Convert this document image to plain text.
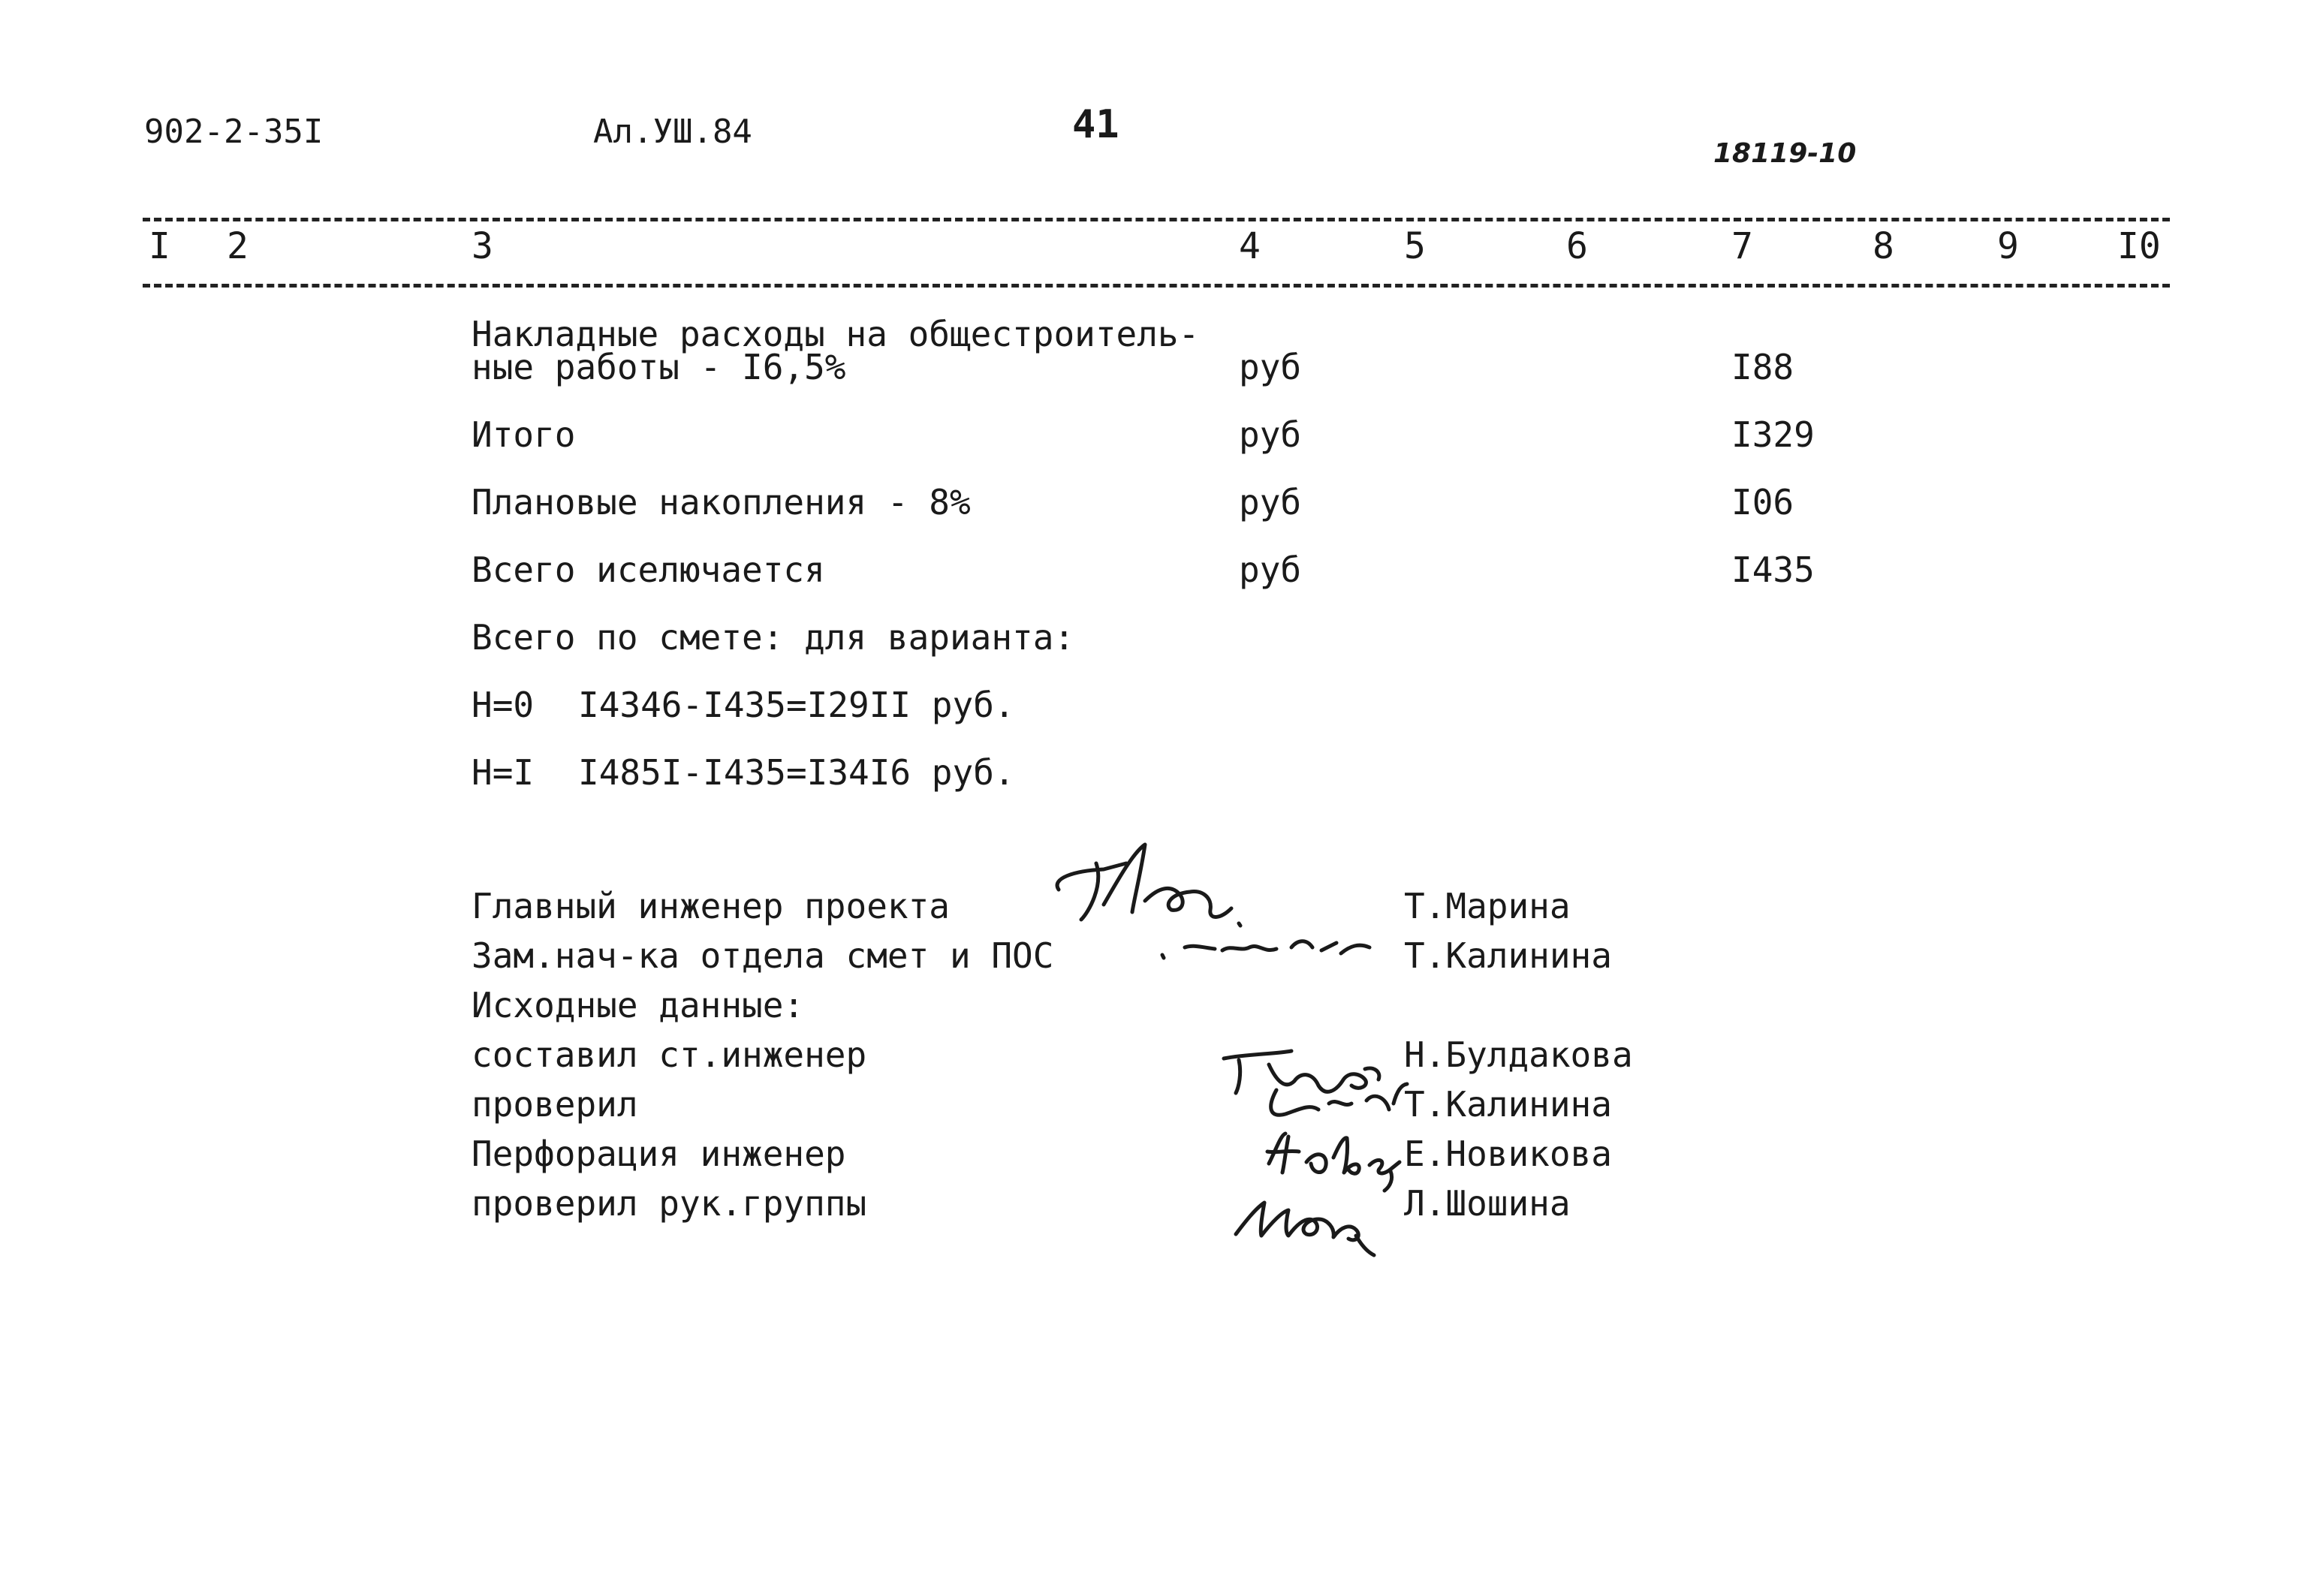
902-2-35I	Ал.УШ.84	41
18119-10
I 2	3	4	5	6	7	8	9	I0
Накладные расходы на общестроитель-
ные работы - I6,5%	руб	I88
Итого	руб	I329
Плановые накопления - 8%	руб	I06
Всего иселючается	руб	I435
Всего по смете: для варианта:
Н=0 I4346-I435=I29II руб.
Н=I I485I-I435=I34I6 руб.
Главный инженер проекта	Т.Марина
Зам.нач-ка отдела смет и ПОС	Т.Калинина
Исходные данные:
составил ст.инженер	Н.Булдакова
проверил	Т.Калинина
Перфорация инженер	Е.Новикова
проверил рук.группы	Л.Шошина
